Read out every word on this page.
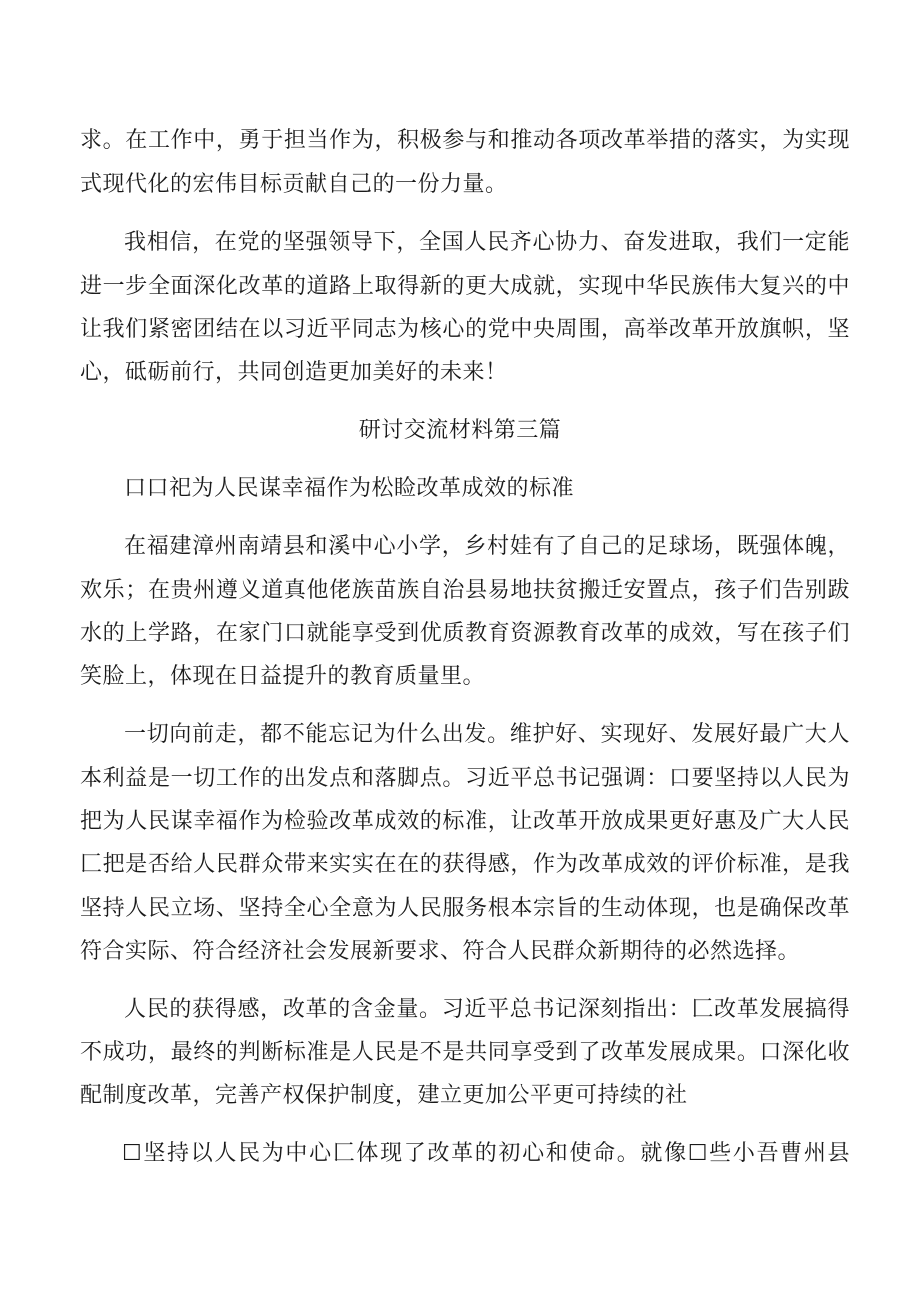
求。在工作中，勇于担当作为，积极参与和推动各项改革举措的落实，为实现
式现代化的宏伟目标贡献自己的一份力量。
我相信，在党的坚强领导下，全国人民齐心协力、奋发进取，我们一定能
进一步全面深化改革的道路上取得新的更大成就，实现中华民族伟大复兴的中
让我们紧密团结在以习近平同志为核心的党中央周围，高举改革开放旗帜，坚
心，砥砺前行，共同创造更加美好的未来！
研讨交流材料第三篇
口口祀为人民谋幸福作为松睑改革成效的标准
在福建漳州南靖县和溪中心小学，乡村娃有了自己的足球场，既强体魄，
欢乐；在贵州遵义道真他佬族苗族自治县易地扶贫搬迁安置点，孩子们告别跋
水的上学路，在家门口就能享受到优质教育资源教育改革的成效，写在孩子们
笑脸上，体现在日益提升的教育质量里。
一切向前走，都不能忘记为什么出发。维护好、实现好、发展好最广大人
本利益是一切工作的出发点和落脚点。习近平总书记强调：口要坚持以人民为
把为人民谋幸福作为检验改革成效的标准，让改革开放成果更好惠及广大人民
匚把是否给人民群众带来实实在在的获得感，作为改革成效的评价标准，是我
坚持人民立场、坚持全心全意为人民服务根本宗旨的生动体现，也是确保改革
符合实际、符合经济社会发展新要求、符合人民群众新期待的必然选择。
人民的获得感，改革的含金量。习近平总书记深刻指出：匚改革发展搞得
不成功，最终的判断标准是人民是不是共同享受到了改革发展成果。口深化收
配制度改革，完善产权保护制度，建立更加公平更可持续的社
☐坚持以人民为中心匚体现了改革的初心和使命。就像☐些小吾曹州县
